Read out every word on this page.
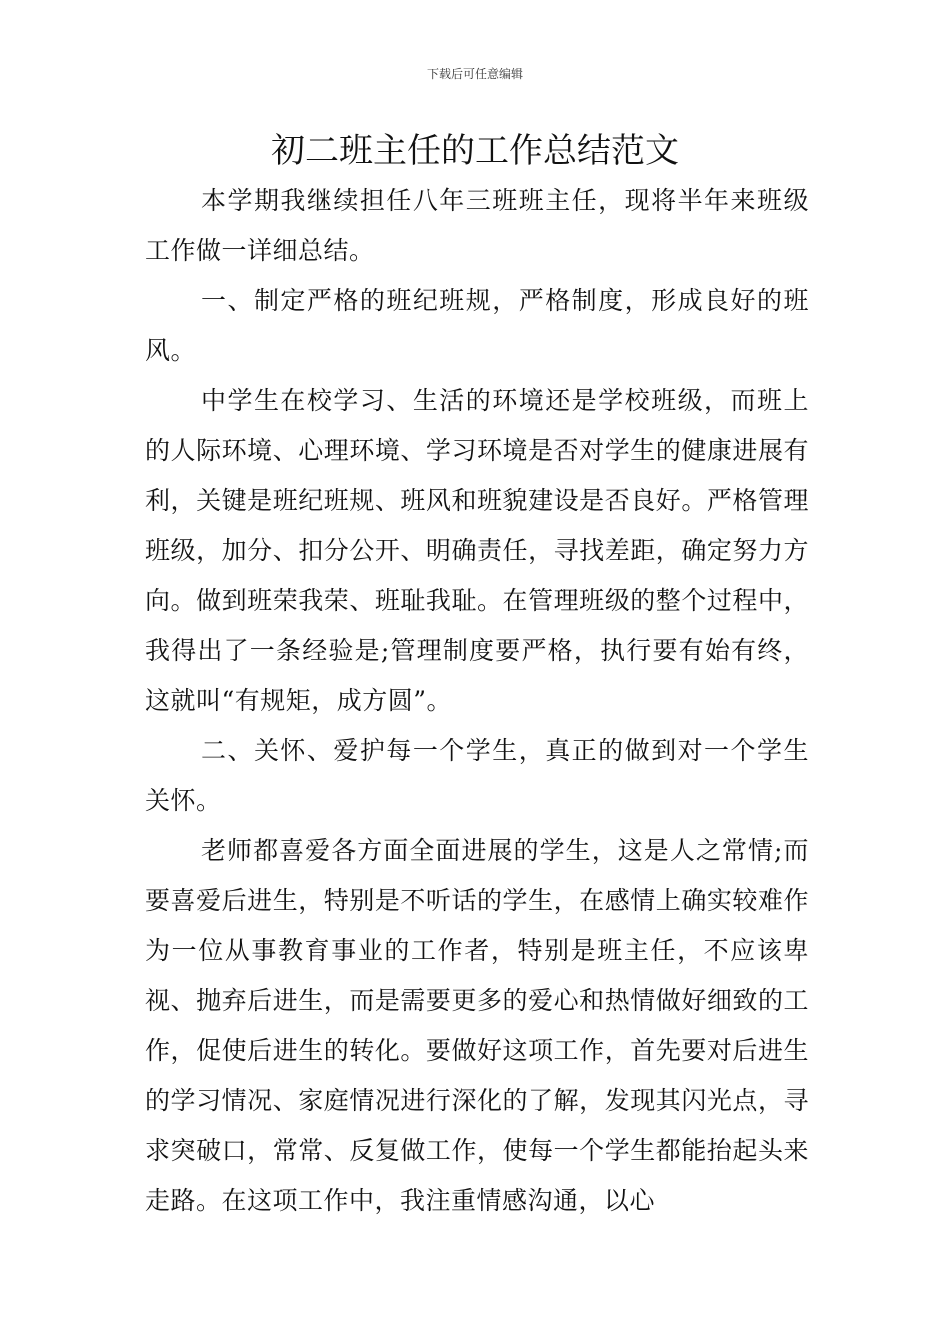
下载后可任意编辑
初二班主任的工作总结范文

本学期我继续担任八年三班班主任，现将半年来班级工作做一详细总结。

一、制定严格的班纪班规，严格制度，形成良好的班风。

中学生在校学习、生活的环境还是学校班级，而班上的人际环境、心理环境、学习环境是否对学生的健康进展有利，关键是班纪班规、班风和班貌建设是否良好。严格管理班级，加分、扣分公开、明确责任，寻找差距，确定努力方向。做到班荣我荣、班耻我耻。在管理班级的整个过程中，我得出了一条经验是;管理制度要严格，执行要有始有终，这就叫“有规矩，成方圆”。

二、关怀、爱护每一个学生，真正的做到对一个学生关怀。

老师都喜爱各方面全面进展的学生，这是人之常情;而要喜爱后进生，特别是不听话的学生，在感情上确实较难作为一位从事教育事业的工作者，特别是班主任，不应该卑视、抛弃后进生，而是需要更多的爱心和热情做好细致的工作，促使后进生的转化。要做好这项工作，首先要对后进生的学习情况、家庭情况进行深化的了解，发现其闪光点，寻求突破口，常常、反复做工作，使每一个学生都能抬起头来走路。在这项工作中，我注重情感沟通，以心
